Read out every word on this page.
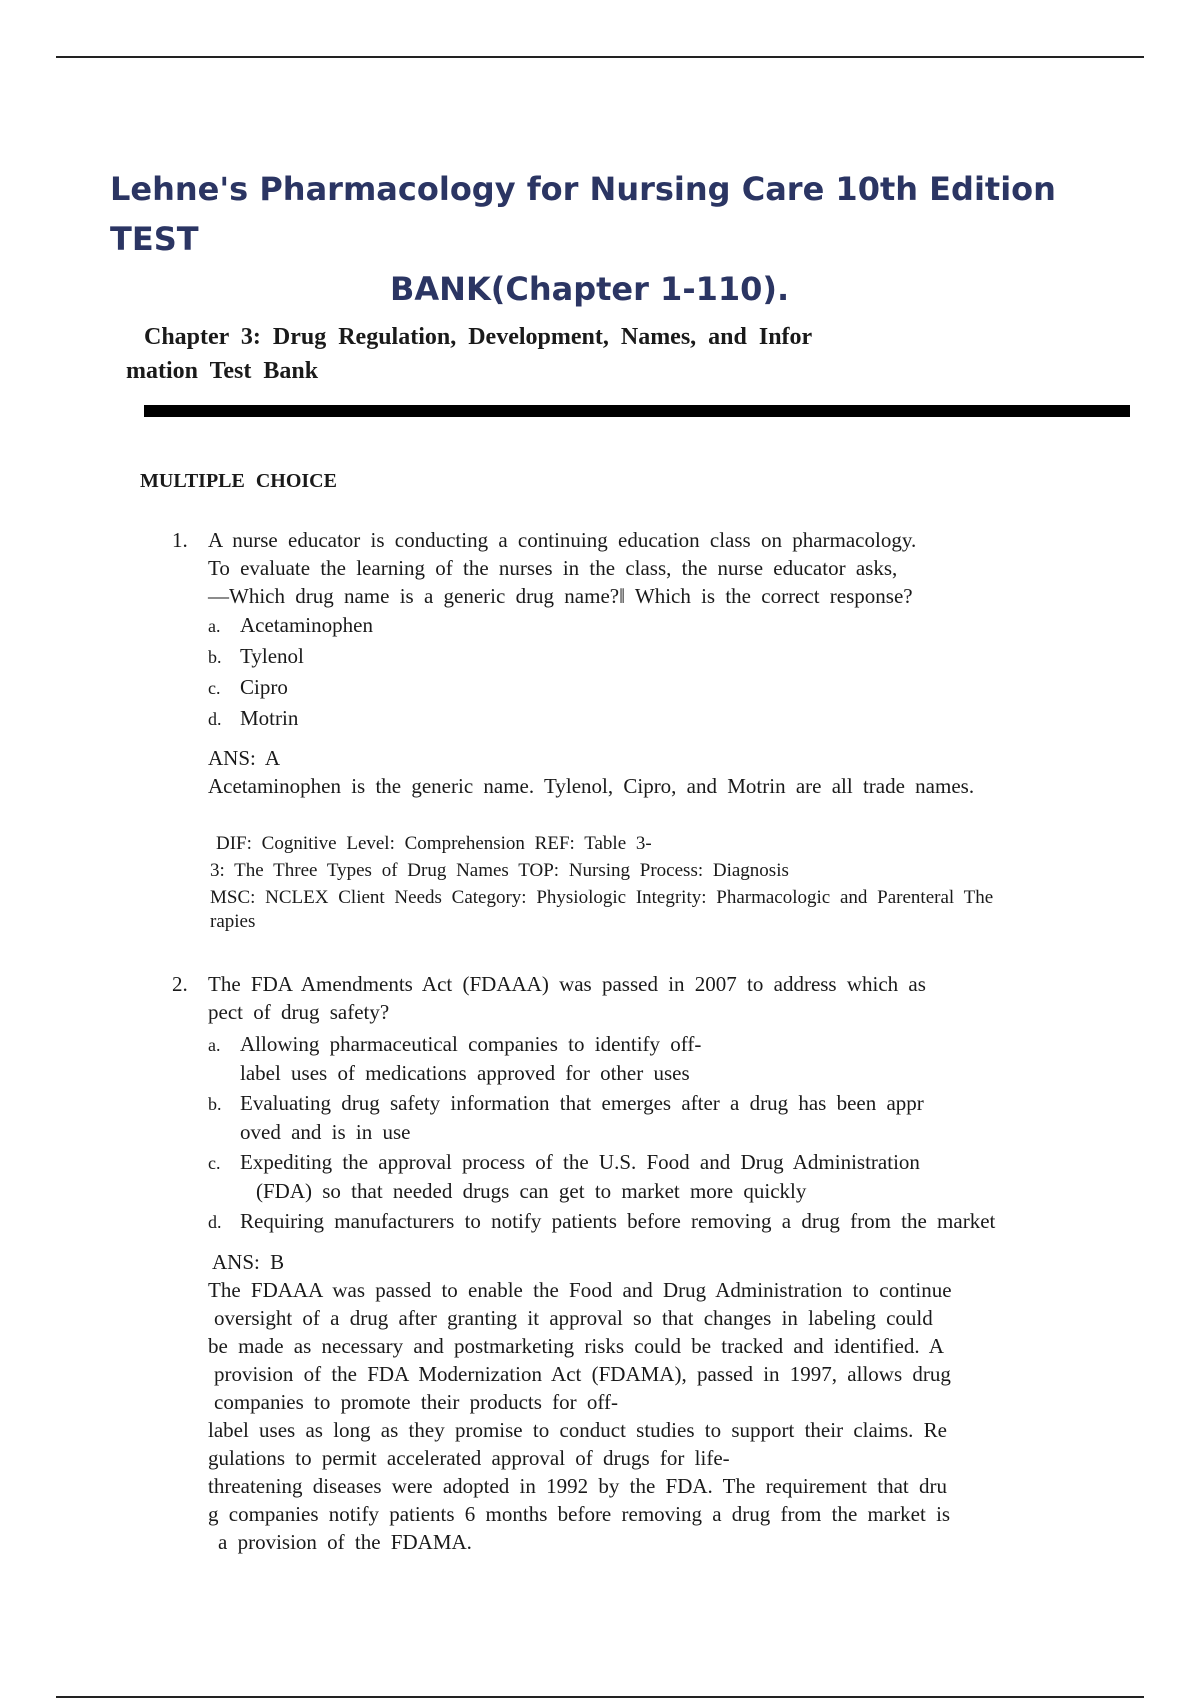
Lehne's Pharmacology for Nursing Care 10th Edition TEST
BANK(Chapter 1-110).
Chapter 3: Drug Regulation, Development, Names, and Infor
mation Test Bank
MULTIPLE CHOICE
1. A nurse educator is conducting a continuing education class on pharmacology.
To evaluate the learning of the nurses in the class, the nurse educator asks,
—Which drug name is a generic drug name?‖ Which is the correct response?
a. Acetaminophen
b. Tylenol
c. Cipro
d. Motrin
ANS: A
Acetaminophen is the generic name. Tylenol, Cipro, and Motrin are all trade names.
DIF: Cognitive Level: Comprehension REF: Table 3-
3: The Three Types of Drug Names TOP: Nursing Process: Diagnosis
MSC: NCLEX Client Needs Category: Physiologic Integrity: Pharmacologic and Parenteral The
rapies
2. The FDA Amendments Act (FDAAA) was passed in 2007 to address which as
pect of drug safety?
a. Allowing pharmaceutical companies to identify off-
label uses of medications approved for other uses
b. Evaluating drug safety information that emerges after a drug has been appr
oved and is in use
c. Expediting the approval process of the U.S. Food and Drug Administration
(FDA) so that needed drugs can get to market more quickly
d. Requiring manufacturers to notify patients before removing a drug from the market
ANS: B
The FDAAA was passed to enable the Food and Drug Administration to continue
oversight of a drug after granting it approval so that changes in labeling could
be made as necessary and postmarketing risks could be tracked and identified. A
provision of the FDA Modernization Act (FDAMA), passed in 1997, allows drug
companies to promote their products for off-
label uses as long as they promise to conduct studies to support their claims. Re
gulations to permit accelerated approval of drugs for life-
threatening diseases were adopted in 1992 by the FDA. The requirement that dru
g companies notify patients 6 months before removing a drug from the market is
a provision of the FDAMA.
